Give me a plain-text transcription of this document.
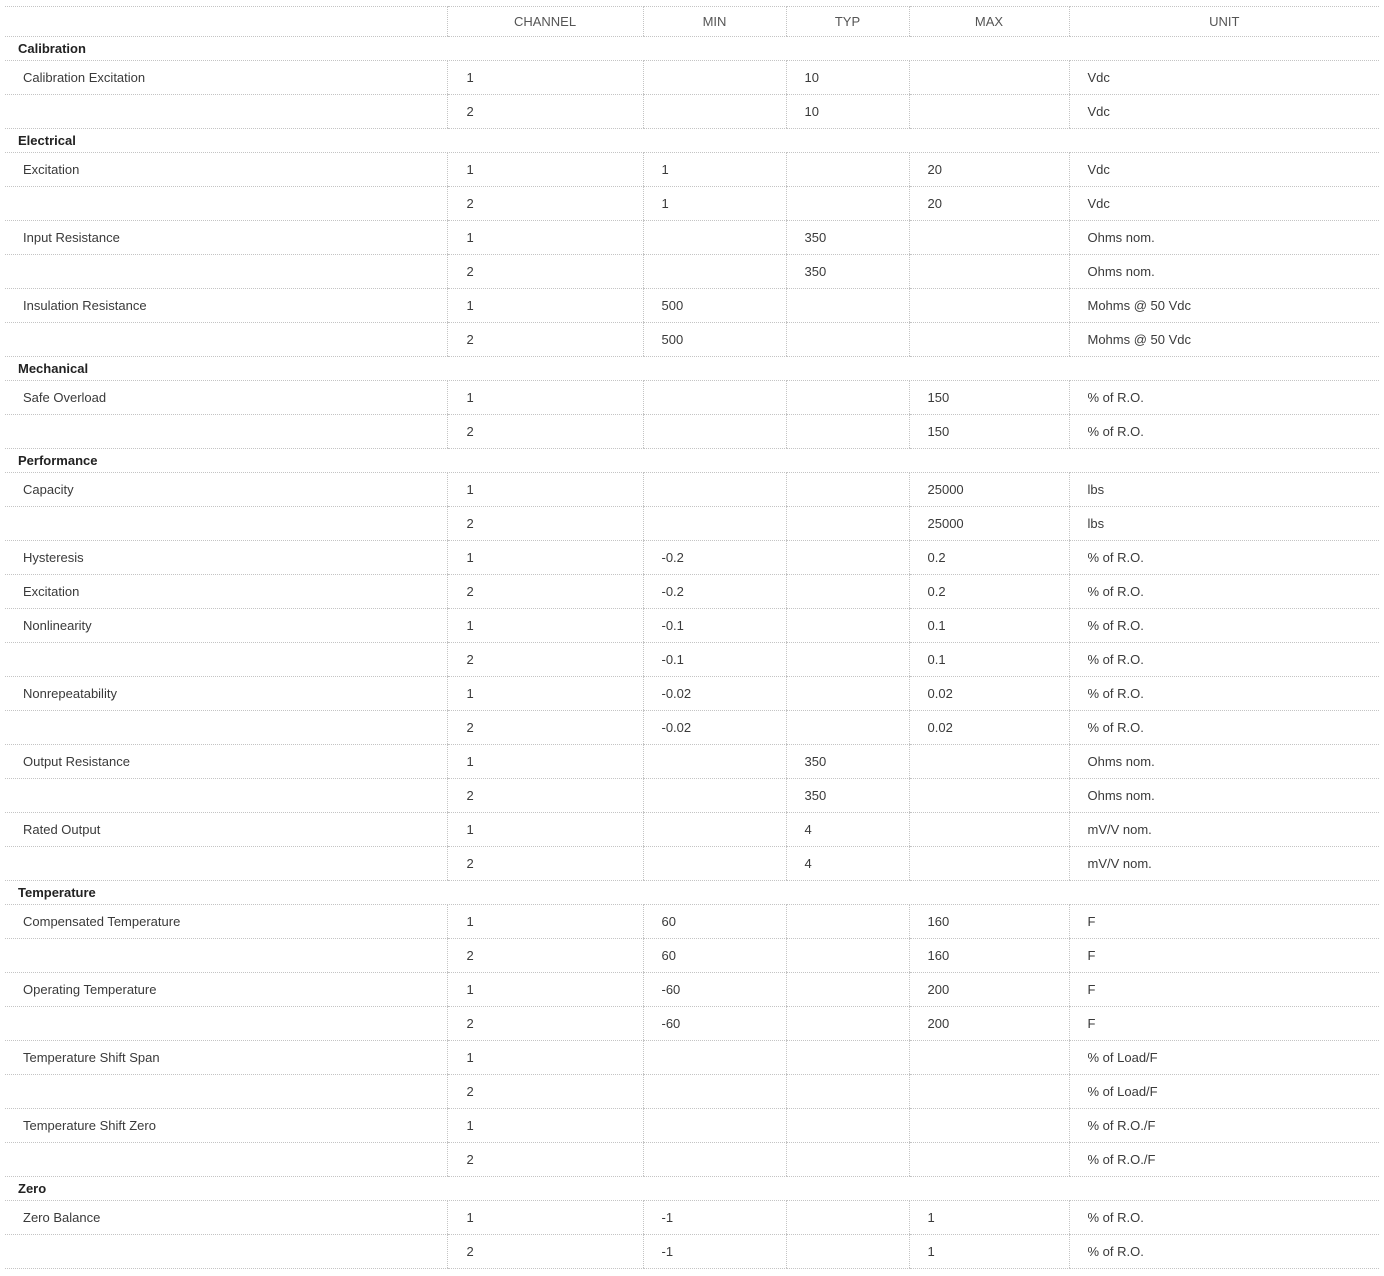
	CHANNEL	MIN	TYP	MAX	UNIT
Calibration					
Calibration Excitation	1		10		Vdc
	2		10		Vdc
Electrical					
Excitation	1	1		20	Vdc
	2	1		20	Vdc
Input Resistance	1		350		Ohms nom.
	2		350		Ohms nom.
Insulation Resistance	1	500			Mohms @ 50 Vdc
	2	500			Mohms @ 50 Vdc
Mechanical					
Safe Overload	1			150	% of R.O.
	2			150	% of R.O.
Performance					
Capacity	1			25000	lbs
	2			25000	lbs
Hysteresis	1	-0.2		0.2	% of R.O.
Excitation	2	-0.2		0.2	% of R.O.
Nonlinearity	1	-0.1		0.1	% of R.O.
	2	-0.1		0.1	% of R.O.
Nonrepeatability	1	-0.02		0.02	% of R.O.
	2	-0.02		0.02	% of R.O.
Output Resistance	1		350		Ohms nom.
	2		350		Ohms nom.
Rated Output	1		4		mV/V nom.
	2		4		mV/V nom.
Temperature					
Compensated Temperature	1	60		160	F
	2	60		160	F
Operating Temperature	1	-60		200	F
	2	-60		200	F
Temperature Shift Span	1				% of Load/F
	2				% of Load/F
Temperature Shift Zero	1				% of R.O./F
	2				% of R.O./F
Zero					
Zero Balance	1	-1		1	% of R.O.
	2	-1		1	% of R.O.
